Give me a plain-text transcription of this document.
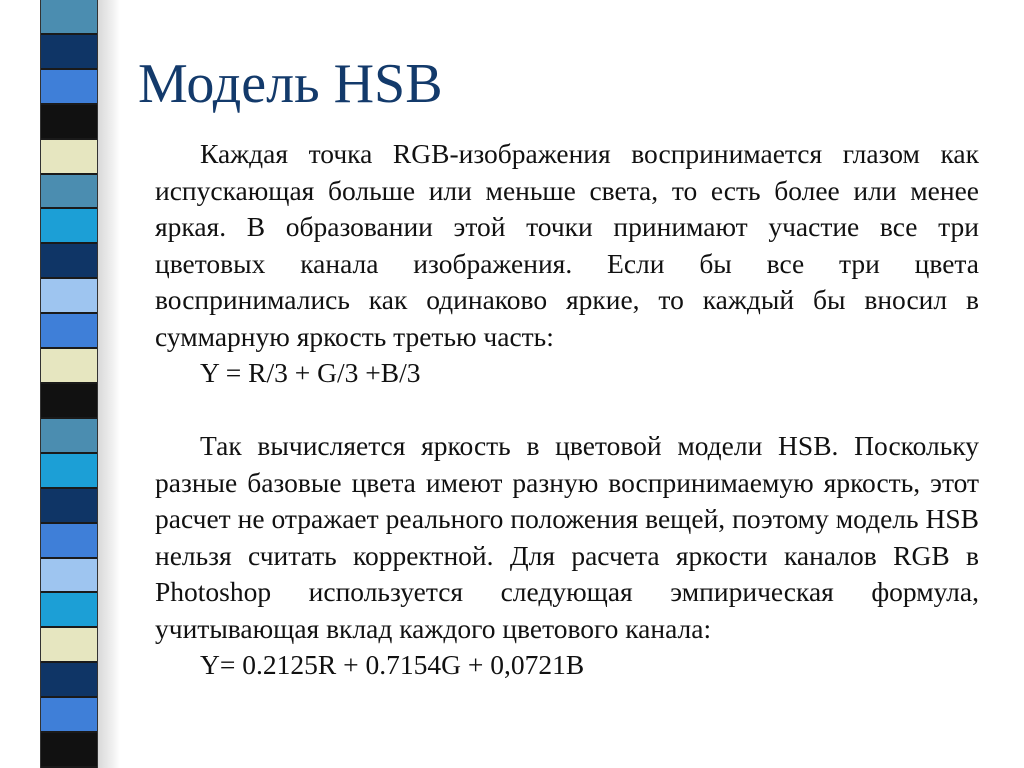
Модель HSB

Каждая точка RGB-изображения воспринимается глазом как испускающая больше или меньше света, то есть более или менее яркая. В образовании этой точки принимают участие все три цветовых канала изображения. Если бы все три цвета воспринимались как одинаково яркие, то каждый бы вносил в суммарную яркость третью часть:

Y = R/3 + G/3 +B/3

Так вычисляется яркость в цветовой модели HSB. Поскольку разные базовые цвета имеют разную воспринимаемую яркость, этот расчет не отражает реального положения вещей, поэтому модель HSB нельзя считать корректной. Для расчета яркости каналов RGB в Photoshop используется следующая эмпирическая формула, учитывающая вклад каждого цветового канала:

Y= 0.2125R + 0.7154G + 0,0721B
